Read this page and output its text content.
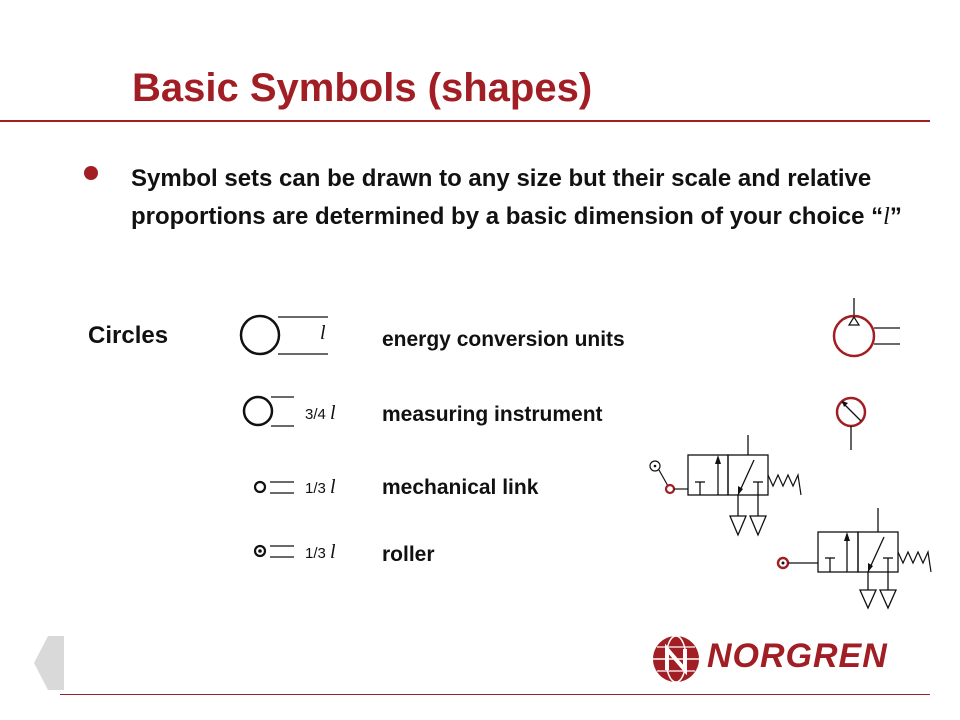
Basic Symbols (shapes)
Symbol sets can be drawn to any size but their scale and relative proportions are determined by a basic dimension of your choice “l”
Circles	l
3/4 l
1/3 l
1/3 l
energy conversion units
measuring instrument
mechanical link
roller
NORGREN
